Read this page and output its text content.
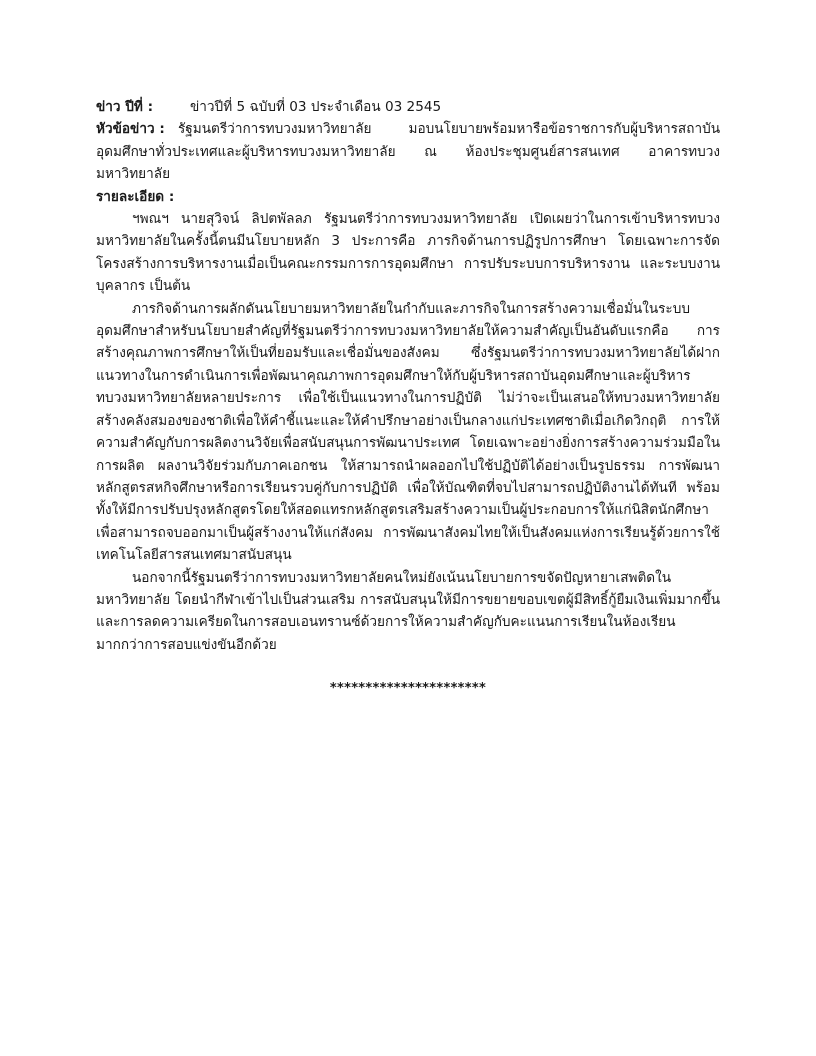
ข่าว ปีที่ :	ข่าวปีที่ 5 ฉบับที่ 03 ประจำเดือน 03 2545
หัวข้อข่าว : รัฐมนตรีว่าการทบวงมหาวิทยาลัย มอบนโยบายพร้อมหารือข้อราชการกับผู้บริหารสถาบันอุดมศึกษาทั่วประเทศและผู้บริหารทบวงมหาวิทยาลัย ณ ห้องประชุมศูนย์สารสนเทศ อาคารทบวงมหาวิทยาลัย
รายละเอียด :

ฯพณฯ นายสุวิจน์ ลิปตพัลลภ รัฐมนตรีว่าการทบวงมหาวิทยาลัย เปิดเผยว่าในการเข้าบริหารทบวงมหาวิทยาลัยในครั้งนี้ตนมีนโยบายหลัก 3 ประการคือ ภารกิจด้านการปฏิรูปการศึกษา โดยเฉพาะการจัดโครงสร้างการบริหารงานเมื่อเป็นคณะกรรมการการอุดมศึกษา การปรับระบบการบริหารงาน และระบบงานบุคลากร เป็นต้น

ภารกิจด้านการผลักดันนโยบายมหาวิทยาลัยในกำกับและภารกิจในการสร้างความเชื่อมั่นในระบบอุดมศึกษาสำหรับนโยบายสำคัญที่รัฐมนตรีว่าการทบวงมหาวิทยาลัยให้ความสำคัญเป็นอันดับแรกคือ การสร้างคุณภาพการศึกษาให้เป็นที่ยอมรับและเชื่อมั่นของสังคม ซึ่งรัฐมนตรีว่าการทบวงมหาวิทยาลัยได้ฝากแนวทางในการดำเนินการเพื่อพัฒนาคุณภาพการอุดมศึกษาให้กับผู้บริหารสถาบันอุดมศึกษาและผู้บริหารทบวงมหาวิทยาลัยหลายประการ เพื่อใช้เป็นแนวทางในการปฏิบัติ ไม่ว่าจะเป็นเสนอให้ทบวงมหาวิทยาลัยสร้างคลังสมองของชาติเพื่อให้คำชี้แนะและให้คำปรึกษาอย่างเป็นกลางแก่ประเทศชาติเมื่อเกิดวิกฤติ การให้ความสำคัญกับการผลิตงานวิจัยเพื่อสนับสนุนการพัฒนาประเทศ โดยเฉพาะอย่างยิ่งการสร้างความร่วมมือในการผลิต ผลงานวิจัยร่วมกับภาคเอกชน ให้สามารถนำผลออกไปใช้ปฏิบัติได้อย่างเป็นรูปธรรม การพัฒนาหลักสูตรสหกิจศึกษาหรือการเรียนรวบคู่กับการปฏิบัติ เพื่อให้บัณฑิตที่จบไปสามารถปฏิบัติงานได้ทันที พร้อมทั้งให้มีการปรับปรุงหลักสูตรโดยให้สอดแทรกหลักสูตรเสริมสร้างความเป็นผู้ประกอบการให้แก่นิสิตนักศึกษา เพื่อสามารถจบออกมาเป็นผู้สร้างงานให้แก่สังคม การพัฒนาสังคมไทยให้เป็นสังคมแห่งการเรียนรู้ด้วยการใช้เทคโนโลยีสารสนเทศมาสนับสนุน

นอกจากนี้รัฐมนตรีว่าการทบวงมหาวิทยาลัยคนใหม่ยังเน้นนโยบายการขจัดปัญหายาเสพติดในมหาวิทยาลัย โดยนำกีฬาเข้าไปเป็นส่วนเสริม การสนับสนุนให้มีการขยายขอบเขตผู้มีสิทธิ์กู้ยืมเงินเพิ่มมากขึ้นและการลดความเครียดในการสอบเอนทรานซ์ด้วยการให้ความสำคัญกับคะแนนการเรียนในห้องเรียนมากกว่าการสอบแข่งขันอีกด้วย

**********************
